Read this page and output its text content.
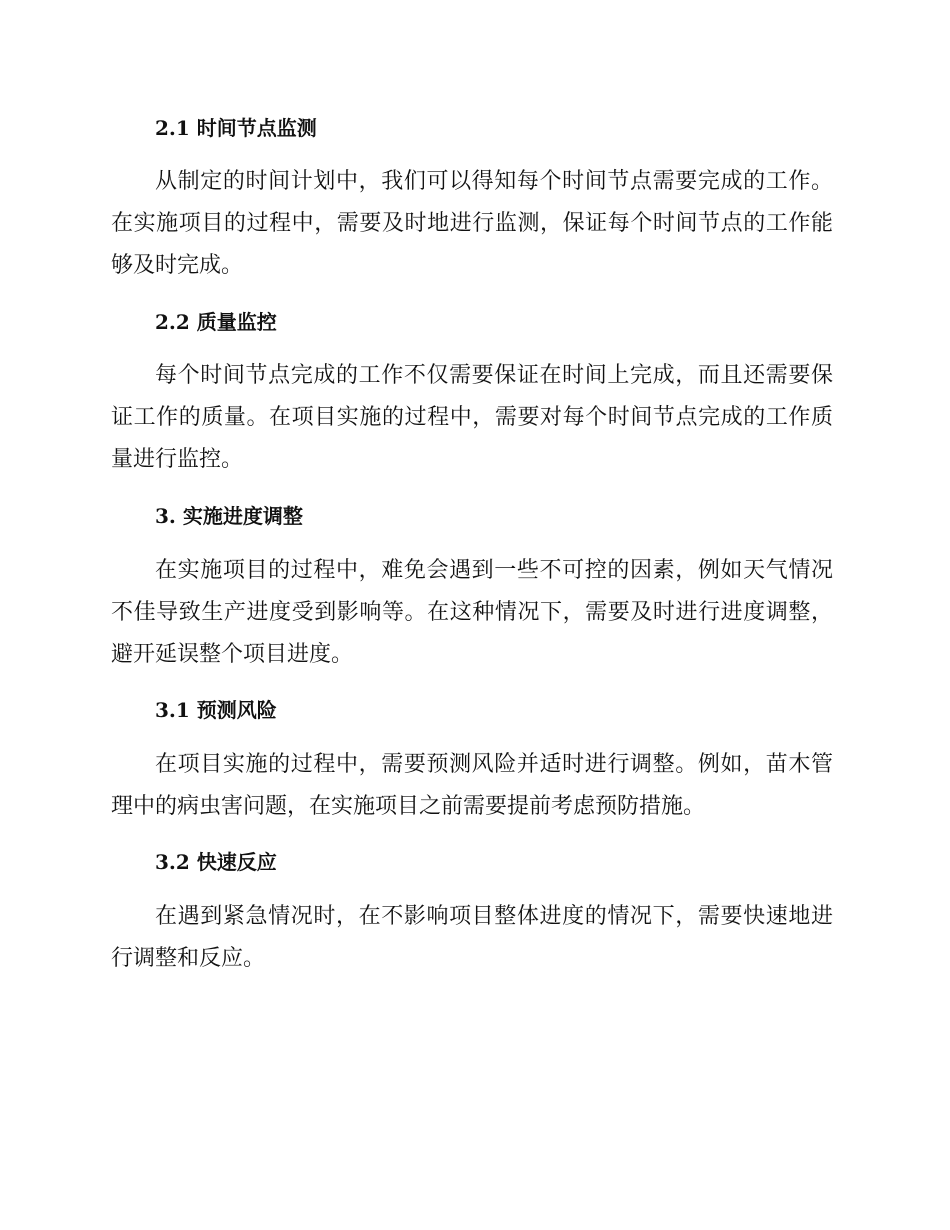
2.1 时间节点监测
从制定的时间计划中，我们可以得知每个时间节点需要完成的工作。在实施项目的过程中，需要及时地进行监测，保证每个时间节点的工作能够及时完成。
2.2 质量监控
每个时间节点完成的工作不仅需要保证在时间上完成，而且还需要保证工作的质量。在项目实施的过程中，需要对每个时间节点完成的工作质量进行监控。
3. 实施进度调整
在实施项目的过程中，难免会遇到一些不可控的因素，例如天气情况不佳导致生产进度受到影响等。在这种情况下，需要及时进行进度调整，避开延误整个项目进度。
3.1 预测风险
在项目实施的过程中，需要预测风险并适时进行调整。例如，苗木管理中的病虫害问题，在实施项目之前需要提前考虑预防措施。
3.2 快速反应
在遇到紧急情况时，在不影响项目整体进度的情况下，需要快速地进行调整和反应。
